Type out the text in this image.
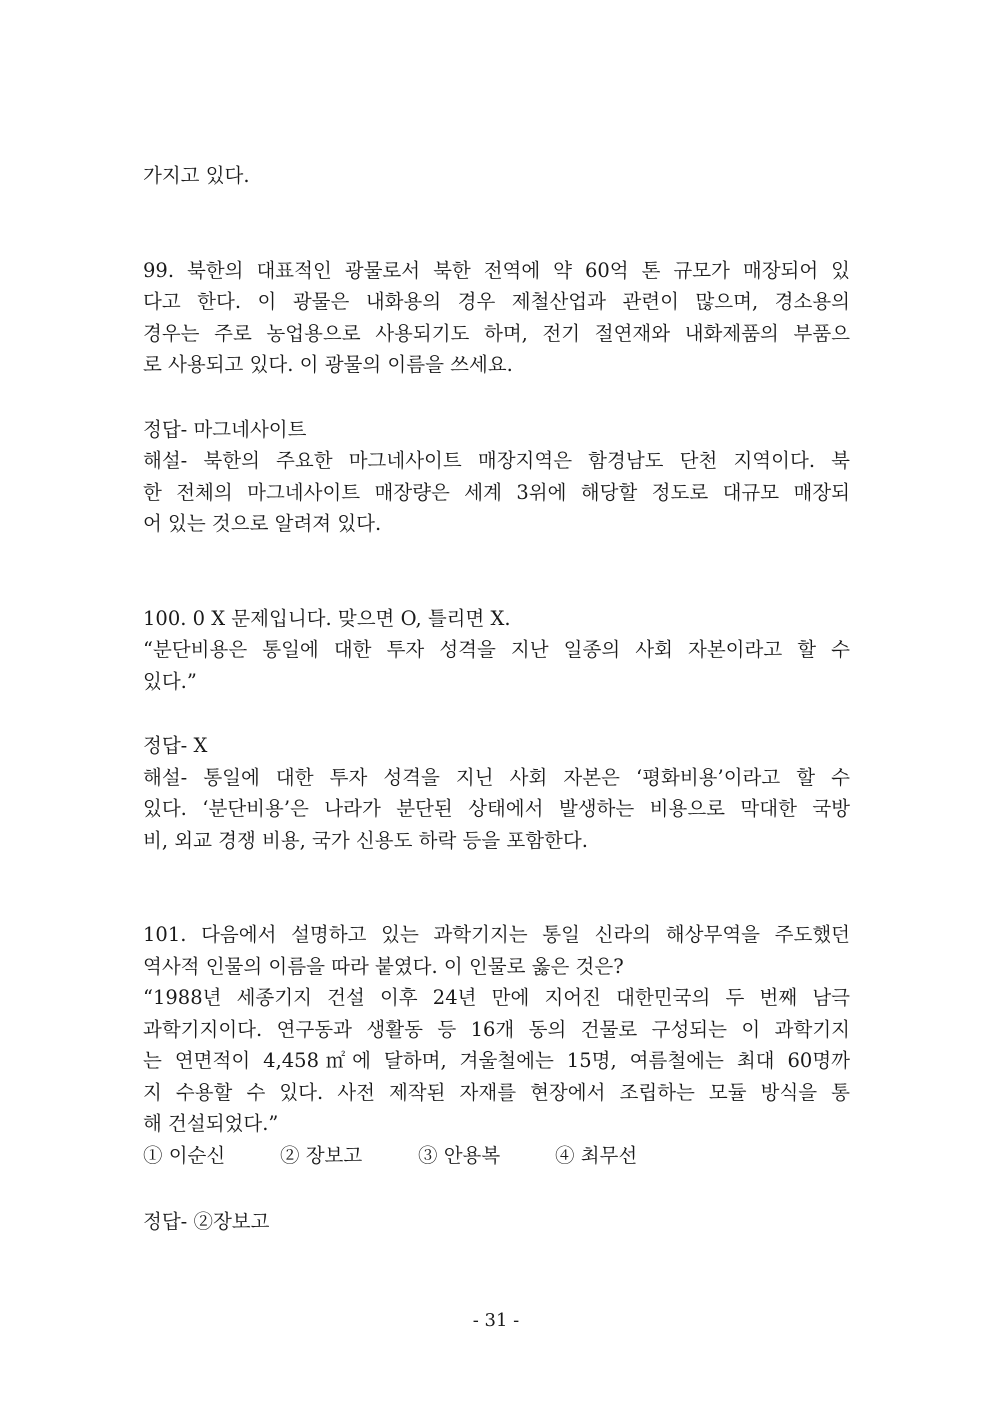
가지고 있다.
99. 북한의 대표적인 광물로서 북한 전역에 약 60억 톤 규모가 매장되어 있
다고 한다. 이 광물은 내화용의 경우 제철산업과 관련이 많으며, 경소용의
경우는 주로 농업용으로 사용되기도 하며, 전기 절연재와 내화제품의 부품으
로 사용되고 있다. 이 광물의 이름을 쓰세요.
정답- 마그네사이트
해설- 북한의 주요한 마그네사이트 매장지역은 함경남도 단천 지역이다. 북
한 전체의 마그네사이트 매장량은 세계 3위에 해당할 정도로 대규모 매장되
어 있는 것으로 알려져 있다.
100. 0 X 문제입니다. 맞으면 O, 틀리면 X.
“분단비용은 통일에 대한 투자 성격을 지난 일종의 사회 자본이라고 할 수
있다.”
정답- X
해설- 통일에 대한 투자 성격을 지닌 사회 자본은 ‘평화비용’이라고 할 수
있다. ‘분단비용’은 나라가 분단된 상태에서 발생하는 비용으로 막대한 국방
비, 외교 경쟁 비용, 국가 신용도 하락 등을 포함한다.
101. 다음에서 설명하고 있는 과학기지는 통일 신라의 해상무역을 주도했던
역사적 인물의 이름을 따라 붙였다. 이 인물로 옳은 것은?
“1988년 세종기지 건설 이후 24년 만에 지어진 대한민국의 두 번째 남극
과학기지이다. 연구동과 생활동 등 16개 동의 건물로 구성되는 이 과학기지
는 연면적이 4,458㎡에 달하며, 겨울철에는 15명, 여름철에는 최대 60명까
지 수용할 수 있다. 사전 제작된 자재를 현장에서 조립하는 모듈 방식을 통
해 건설되었다.”
① 이순신	② 장보고	③ 안용복	④ 최무선
정답- ②장보고
- 31 -
